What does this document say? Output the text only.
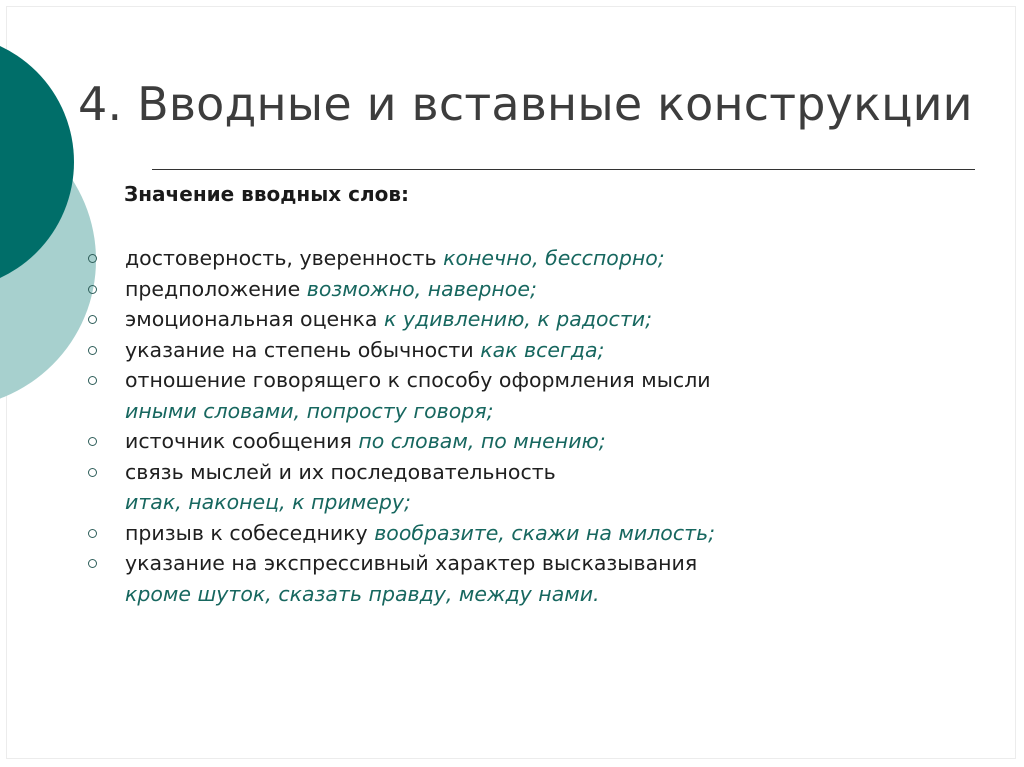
4. Вводные и вставные конструкции
Значение вводных слов:
достоверность, уверенность конечно, бесспорно;
предположение возможно, наверное;
эмоциональная оценка к удивлению, к радости;
указание на степень обычности как всегда;
отношение говорящего к способу оформления мысли
иными словами, попросту говоря;
источник сообщения по словам, по мнению;
связь мыслей и их последовательность
итак, наконец, к примеру;
призыв к собеседнику вообразите, скажи на милость;
указание на экспрессивный характер высказывания
кроме шуток, сказать правду, между нами.
